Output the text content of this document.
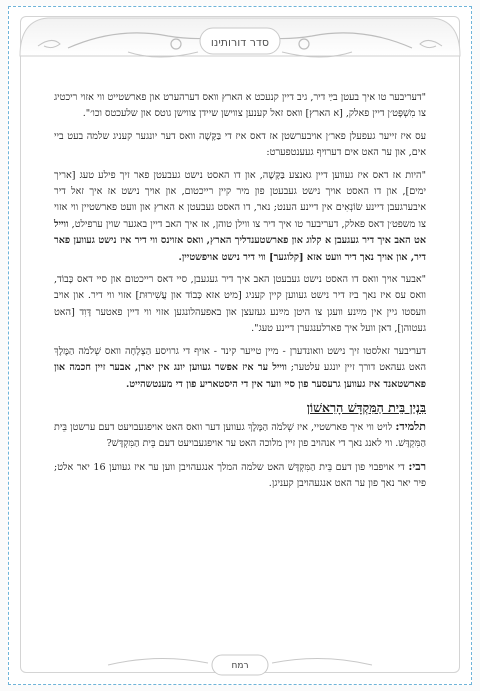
סדר דורותינו

"דעריבער טו איך בעטן בײַ דיר, גיב דיין קנעכט א הארץ וואס דערהערט און פארשטייט ווי אזוי ריכטיג צו מִשְׁפָּט׳ן דיין פאלק, [א הארץ] וואס זאל קענען צווישן שיידן צווישן גוטס און שלעכטס וכו׳".

עס איז זייער געפעלן פאר׳ן אויבערשטן אז דאס איז די בַּקָּשָׁה וואס דער יונגער קעניג שלמה בעט ביי אים, און ער האט אים דערויף געענטפערט:

"היות אז דאס איז געווען דיין גאנצע בַּקָּשָׁה, און דו האסט נישט געבעטן פאר זיך פילע טעג [אריך ימים], און דו האסט אויך נישט געבעטן פון מיר קיין רייכטום, און אויך נישט אז איך זאל דיר איבערגעבן דיינע שׂוֹנְאִים אין דיינע הענט; נאר, דו האסט געבעטן א הארץ און וועט פארשטיין ווי אזוי צו משפט׳ן דאס פאלק, דעריבער טו איך דיר צו ווילן טוהן, אז איך האב דיין באגער שוין ערפילט, ווייל אט האב איך דיר געגעבן א קלוג און פארשטענדליך הארץ, וואס אזוינס ווי דיר איז נישט געווען פאר דיר, און אויך נאך דיר וועט אזא [קלוגער] ווי דיר נישט אויפשטיין.

"אבער אויך וואס דו האסט נישט געבעטן האב איך דיר געגעבן, סיי דאס רייכטום און סיי דאס כָּבוֹד, וואס עס איז נאך ביז דיר נישט געווען קיין קעניג [מיט אזא כָּבוֹד און עֲשִׁירוּת] אזוי ווי דיר. און אויב וועסטו גיין אין מײַנע וועגן צו היטן מײַנע געזעצן און באפעהלונגען אזוי ווי דיין פאטער דָּוִד [האט געטוהן], דאן וועל איך פארלענגערן דיינע טעג".

דעריבער זאלסטו זיך נישט וואונדערן - מיין טייער קינד - אויף די גרויסע הַצְלָחָה וואס שְׁלֹמֹה הַמֶּלֶךְ האט געהאט דורך זיין יונגע עלטער; ווייל ער איז אפשר געווען יונג אין יארן, אבער זיין חכמה און פארשטאנד איז געווען גרעסער פון סיי ווער אין די היסטאריע פון די מענטשהייט.

בִּנְיַן בֵּית הַמִּקְדָּשׁ הָרִאשׁוֹן

תלמיד: לויט ווי איך פארשטיי, איז שְׁלֹמֹה הַמֶּלֶךְ געווען דער וואס האט אויפגעבויעט דעם ערשטן בֵּית הַמִּקְדָּשׁ. ווי לאנג נאך די אנהויב פון זיין מלוכה האט ער אויפגעבויעט דעם בֵּית הַמִּקְדָּשׁ?

רבי: די אויפבוי פון דעם בֵּית הַמִּקְדָּשׁ האט שלמה המלך אנגעהויבן ווען ער איז געווען 16 יאר אלט; פיר יאר נאך פון ער האט אנגעהויבן קעניגן.

רמח
